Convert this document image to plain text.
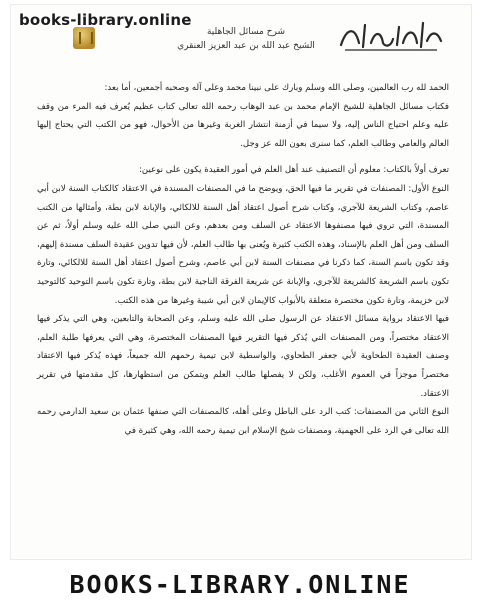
شرح مسائل الجاهلية
الشيخ عبد الله بن عبد العزيز العنقري

الحمد لله رب العالمين، وصلى الله وسلم وبارك على نبينا محمد وعلى آله وصحبه أجمعين، أما بعد:

فكتاب مسائل الجاهلية للشيخ الإمام محمد بن عبد الوهاب رحمه الله تعالى كتاب عظيم يُعرف فيه المرء من وقف عليه وعلم احتياج الناس إليه، ولا سيما في أزمنة انتشار الغربة وغيرها من الأحوال، فهو من الكتب التي يحتاج إليها العالم والعامي وطالب العلم، كما سنرى بعون الله عز وجل.

تعرف أولاً بالكتاب: معلوم أن التصنيف عند أهل العلم في أمور العقيدة يكون على نوعين:

النوع الأول: المصنفات في تقرير ما فيها الحق، ويوضح ما في المصنفات المسندة في الاعتقاد كالكتاب السنة لابن أبي عاصم، وكتاب الشريعة للآجري، وكتاب شرح أصول اعتقاد أهل السنة للالكائي، والإبانة لابن بطة، وأمثالها من الكتب المسندة، التي تروي فيها مصنفوها الاعتقاد عن السلف ومن بعدهم، وعن النبي صلى الله عليه وسلم أولاً، ثم عن السلف ومن أهل العلم بالإسناد، وهذه الكتب كثيرة ويُعنى بها طالب العلم، لأن فيها تدوين عقيدة السلف مسندة إليهم، وقد تكون باسم السنة، كما ذكرنا في مصنفات السنة لابن أبي عاصم، وشرح أصول اعتقاد أهل السنة للالكائي، وتارة تكون باسم الشريعة كالشريعة للآجري، والإبانة عن شريعة الفرقة الناجية لابن بطة، وتارة تكون باسم التوحيد كالتوحيد لابن خزيمة، وتارة تكون مختصرة متعلقة بالأبواب كالإيمان لابن أبي شيبة وغيرها من هذه الكتب.

فيها الاعتقاد برواية مسائل الاعتقاد عن الرسول صلى الله عليه وسلم، وعن الصحابة والتابعين، وهي التي يذكر فيها الاعتقاد مختصراً، ومن المصنفات التي يُذكر فيها التقرير فيها المصنفات المختصرة، وهي التي يعرفها طلبة العلم، وصنف العقيدة الطحاوية لأبي جعفر الطحاوي، والواسطية لابن تيمية رحمهم الله جميعاً، فهذه يُذكر فيها الاعتقاد مختصراً موجزاً في العموم الأغلب، ولكن لا يفصلها طالب العلم ويتمكن من استظهارها، كل مقدمتها في تقرير الاعتقاد.

النوع الثاني من المصنفات: كتب الرد على الباطل وعلى أهله، كالمصنفات التي صنفها عثمان بن سعيد الدارمي رحمه الله تعالى في الرد على الجهمية، ومصنفات شيخ الإسلام ابن تيمية رحمه الله، وهي كثيرة في

books-library.online
BOOKS-LIBRARY.ONLINE
